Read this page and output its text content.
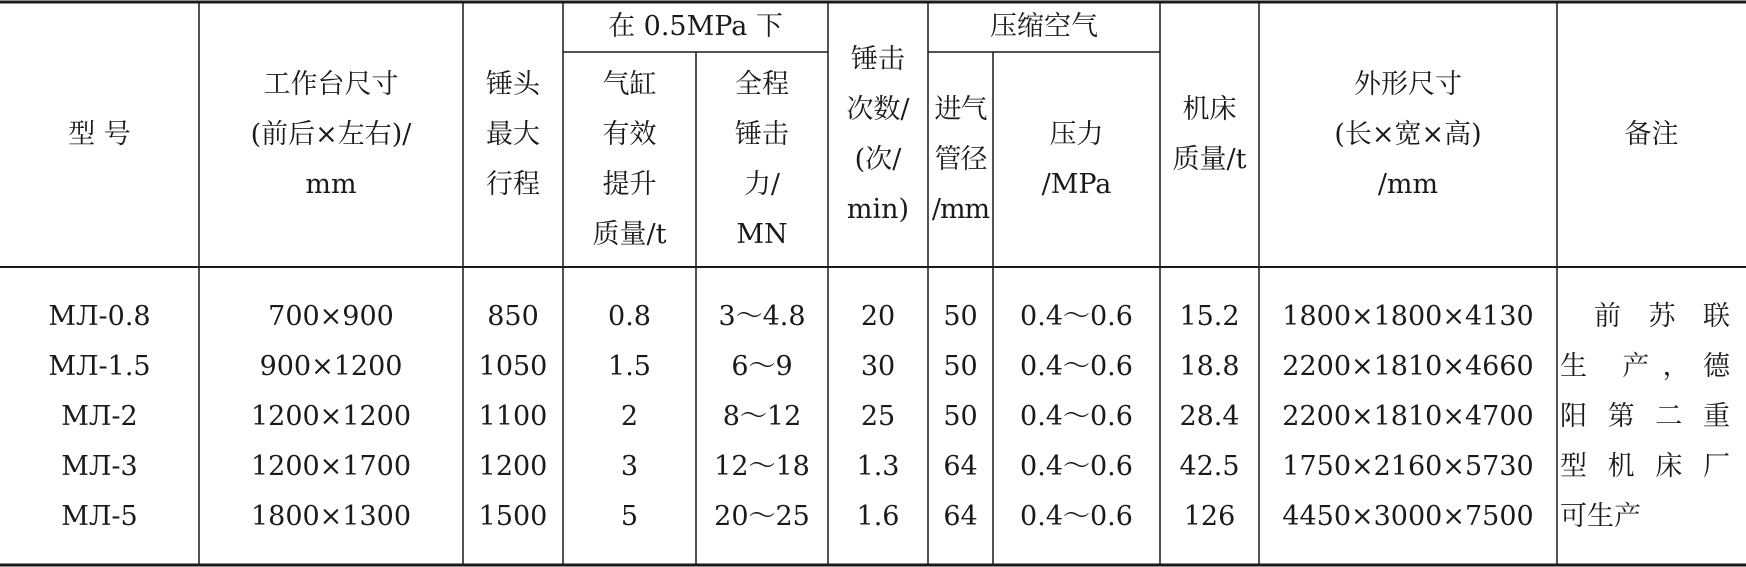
型 号
工作台尺寸
(前后×左右)/
mm
锤头
最大
行程
在 0.5MPa 下
气缸
有效
提升
质量/t
全程
锤击
力/
MN
锤击
次数/
(次/
min)
压缩空气
进气
管径
/mm
压力
/MPa
机床
质量/t
外形尺寸
(长×宽×高)
/mm
备注
МЛ-0.8
МЛ-1.5
МЛ-2
МЛ-3
МЛ-5
700×900
900×1200
1200×1200
1200×1700
1800×1300
850
1050
1100
1200
1500
0.8
1.5
2
3
5
3～4.8
6～9
8～12
12～18
20～25
20
30
25
1.3
1.6
50
50
50
64
64
0.4～0.6
0.4～0.6
0.4～0.6
0.4～0.6
0.4～0.6
15.2
18.8
28.4
42.5
126
1800×1800×4130
2200×1810×4660
2200×1810×4700
1750×2160×5730
4450×3000×7500
前苏联
生 产，德
阳第二重
型机床厂
可生产
